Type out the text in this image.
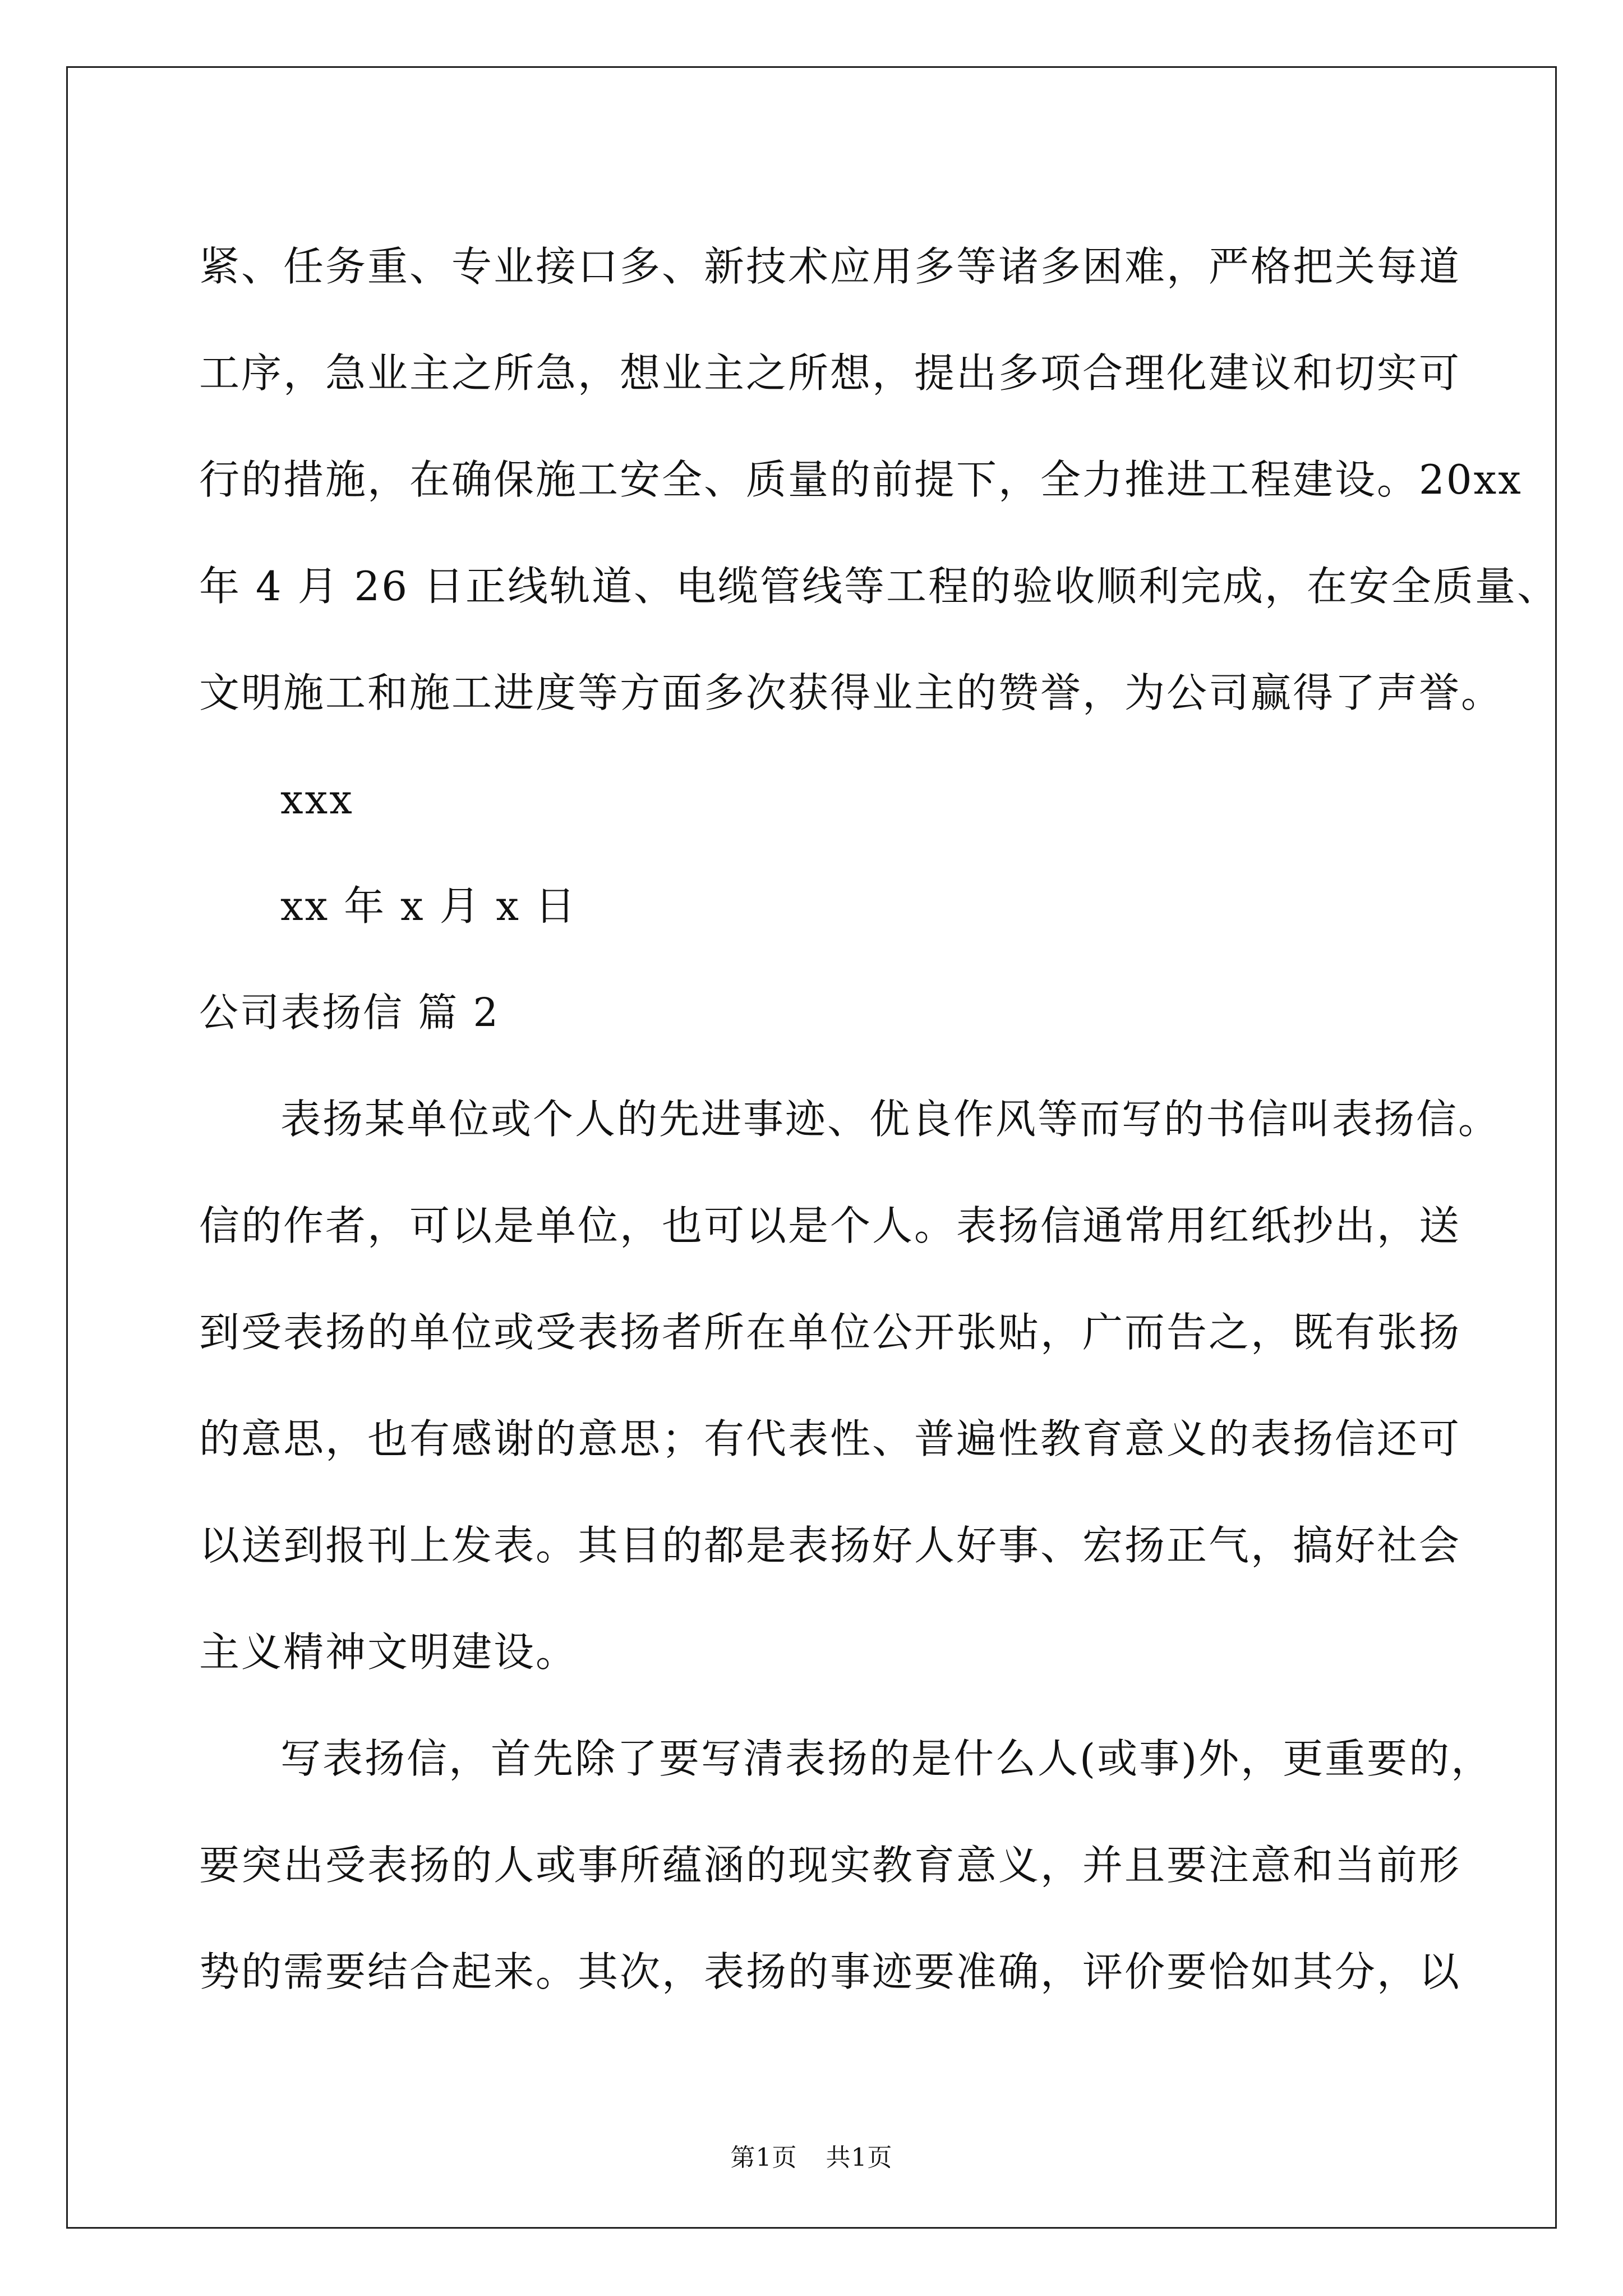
紧、任务重、专业接口多、新技术应用多等诸多困难，严格把关每道
工序，急业主之所急，想业主之所想，提出多项合理化建议和切实可
行的措施，在确保施工安全、质量的前提下，全力推进工程建设。20xx
年 4 月 26 日正线轨道、电缆管线等工程的验收顺利完成，在安全质量、
文明施工和施工进度等方面多次获得业主的赞誉，为公司赢得了声誉。
xxx
xx 年 x 月 x 日
公司表扬信 篇 2
表扬某单位或个人的先进事迹、优良作风等而写的书信叫表扬信。
信的作者，可以是单位，也可以是个人。表扬信通常用红纸抄出，送
到受表扬的单位或受表扬者所在单位公开张贴，广而告之，既有张扬
的意思，也有感谢的意思；有代表性、普遍性教育意义的表扬信还可
以送到报刊上发表。其目的都是表扬好人好事、宏扬正气，搞好社会
主义精神文明建设。
写表扬信，首先除了要写清表扬的是什么人(或事)外，更重要的，
要突出受表扬的人或事所蕴涵的现实教育意义，并且要注意和当前形
势的需要结合起来。其次，表扬的事迹要准确，评价要恰如其分，以
第1页 共1页
